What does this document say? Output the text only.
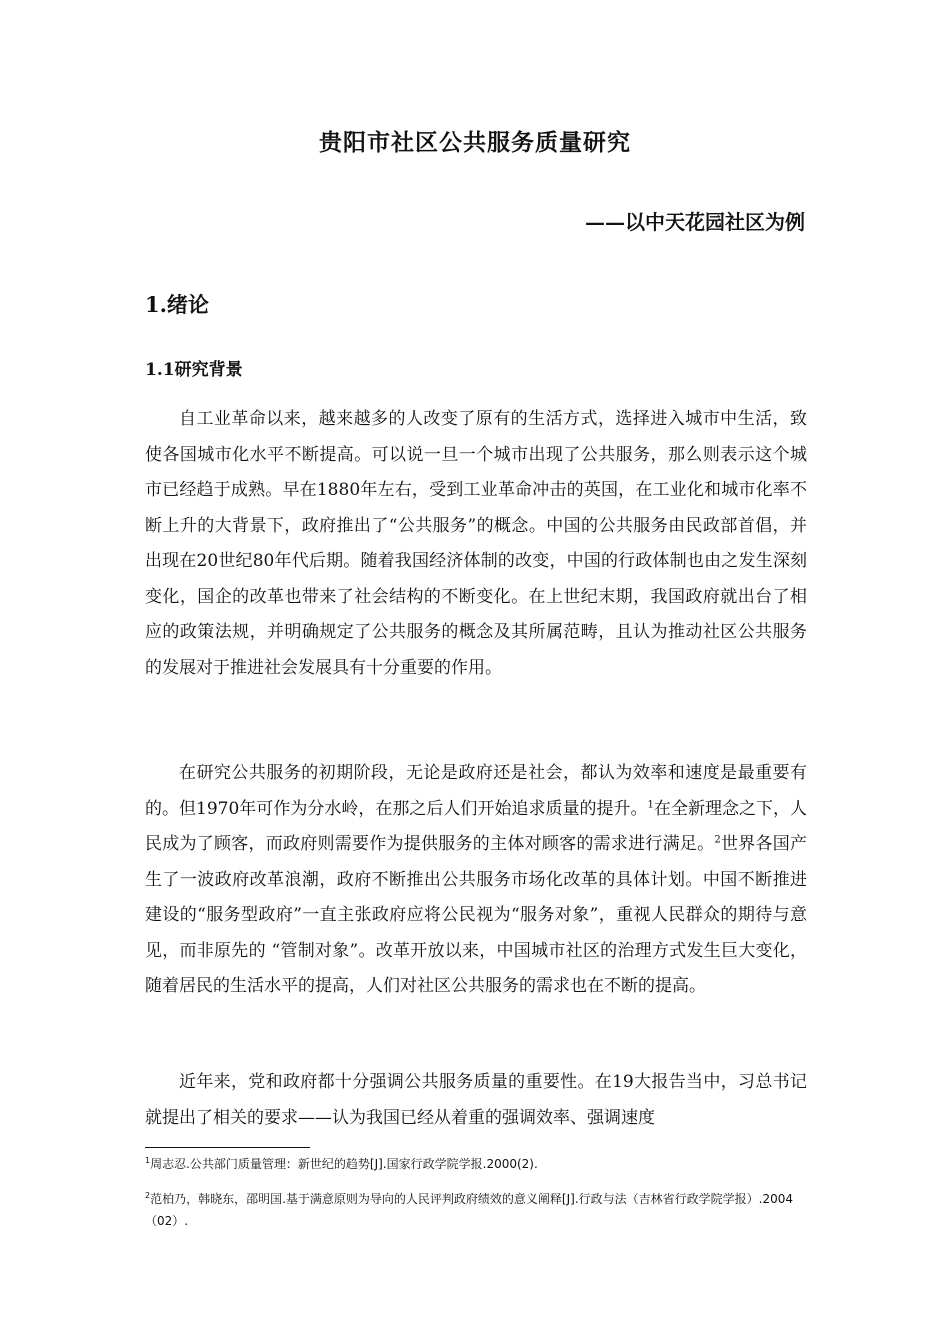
贵阳市社区公共服务质量研究
——以中天花园社区为例
1.绪论
1.1研究背景

自工业革命以来，越来越多的人改变了原有的生活方式，选择进入城市中生活，致使各国城市化水平不断提高。可以说一旦一个城市出现了公共服务，那么则表示这个城市已经趋于成熟。早在1880年左右，受到工业革命冲击的英国，在工业化和城市化率不断上升的大背景下，政府推出了“公共服务”的概念。中国的公共服务由民政部首倡，并出现在20世纪80年代后期。随着我国经济体制的改变，中国的行政体制也由之发生深刻变化，国企的改革也带来了社会结构的不断变化。在上世纪末期，我国政府就出台了相应的政策法规，并明确规定了公共服务的概念及其所属范畴，且认为推动社区公共服务的发展对于推进社会发展具有十分重要的作用。

在研究公共服务的初期阶段，无论是政府还是社会，都认为效率和速度是最重要有的。但1970年可作为分水岭，在那之后人们开始追求质量的提升。$^1$在全新理念之下，人民成为了顾客，而政府则需要作为提供服务的主体对顾客的需求进行满足。$^2$世界各国产生了一波政府改革浪潮，政府不断推出公共服务市场化改革的具体计划。中国不断推进建设的“服务型政府”一直主张政府应将公民视为“服务对象”，重视人民群众的期待与意见，而非原先的 “管制对象”。改革开放以来，中国城市社区的治理方式发生巨大变化，随着居民的生活水平的提高，人们对社区公共服务的需求也在不断的提高。

近年来，党和政府都十分强调公共服务质量的重要性。在19大报告当中，习总书记就提出了相关的要求——认为我国已经从着重的强调效率、强调速度

$^1$周志忍.公共部门质量管理：新世纪的趋势[J].国家行政学院学报.2000(2).
$^2$范柏乃，韩晓东，邵明国.基于满意原则为导向的人民评判政府绩效的意义阐释[J].行政与法（吉林省行政学院学报）.2004（02）.
